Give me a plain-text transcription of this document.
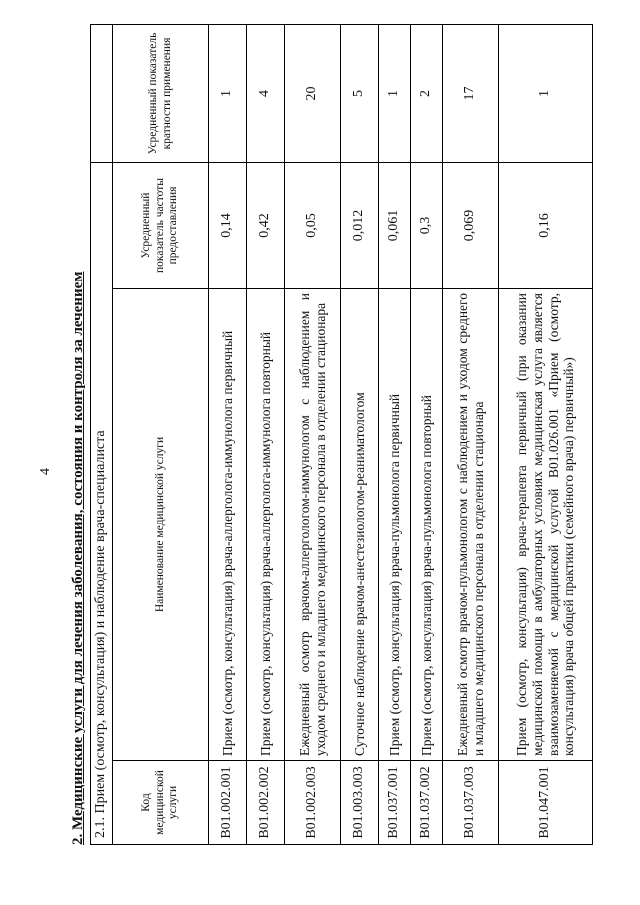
4 2. Медицинские услуги для лечения заболевания, состояния и контроля за лечением 2.1. Прием (осмотр, консультация) и наблюдение врача-специалиста			
Код медицинской услуги	Наименование медицинской услуги	Усредненный показатель частоты предоставления	Усредненный показатель кратности применения
B01.002.001	Прием (осмотр, консультация) врача-аллерголога-иммунолога первичный	0,14	1
B01.002.002	Прием (осмотр, консультация) врача-аллерголога-иммунолога повторный	0,42	4
B01.002.003	Ежедневный осмотр врачом-аллергологом-иммунологом с наблюдением и уходом среднего и младшего медицинского персонала в отделении стационара	0,05	20
B01.003.003	Суточное наблюдение врачом-анестезиологом-реаниматологом	0,012	5
B01.037.001	Прием (осмотр, консультация) врача-пульмонолога первичный	0,061	1
B01.037.002	Прием (осмотр, консультация) врача-пульмонолога повторный	0,3	2
B01.037.003	Ежедневный осмотр врачом-пульмонологом с наблюдением и уходом среднего и младшего медицинского персонала в отделении стационара	0,069	17
B01.047.001	Прием (осмотр, консультация) врача-терапевта первичный (при оказании медицинской помощи в амбулаторных условиях медицинская услуга является взаимозаменяемой с медицинской услугой B01.026.001 «Прием (осмотр, консультация) врача общей практики (семейного врача) первичный»)	0,16	1
